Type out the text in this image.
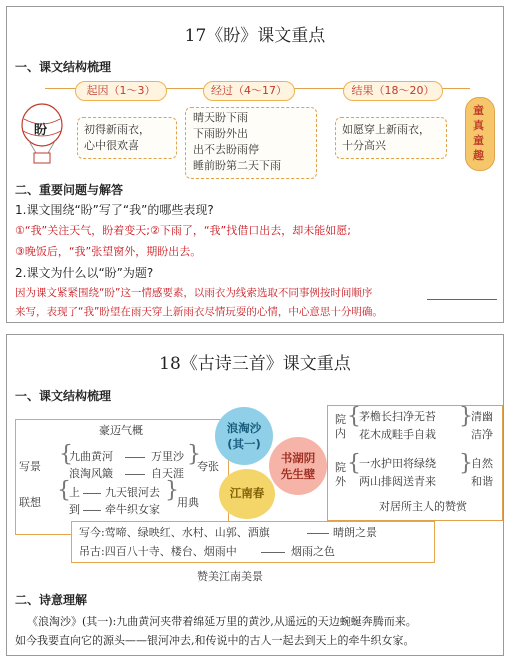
17《盼》课文重点
一、课文结构梳理
盼
起因（1～3）
初得新雨衣，
心中很欢喜
经过（4～17）
晴天盼下雨
下雨盼外出
出不去盼雨停
睡前盼第二天下雨
结果（18～20）
如愿穿上新雨衣，
十分高兴
童真童趣
二、重要问题与解答
1.课文围绕“盼”写了“我”的哪些表现?
①“我”关注天气，盼着变天;②下雨了，“我”找借口出去，却未能如愿;
③晚饭后，“我”张望窗外，期盼出去。
2.课文为什么以“盼”为题?
因为课文紧紧围绕“盼”这一情感要素，以雨衣为线索选取不同事例按时间顺序
来写，表现了“我”盼望在雨天穿上新雨衣尽情玩耍的心情，中心意思十分明确。
18《古诗三首》课文重点
一、课文结构梳理
豪迈气概
写景 {
九曲黄河
浪淘风簸
万里沙
自天涯
}
夸张
联想 {
上
到
九天银河去
牵牛织女家
}
用典
浪淘沙
(其一)
书湖阴
先生壁
江南春
院
内
院
外
{
{
茅檐长扫净无苔
花木成畦手自栽
一水护田将绿绕
两山排闼送青来
}
}
清幽
洁净
自然
和谐
对居所主人的赞赏
写今:莺啼、绿映红、水村、山郭、酒旗	晴朗之景
吊古:四百八十寺、楼台、烟雨中	烟雨之色
赞美江南美景
二、诗意理解
《浪淘沙》(其一):九曲黄河夹带着绵延万里的黄沙,从遥远的天边蜿蜒奔腾而来。
如今我要直向它的源头——银河冲去,和传说中的古人一起去到天上的牵牛织女家。
